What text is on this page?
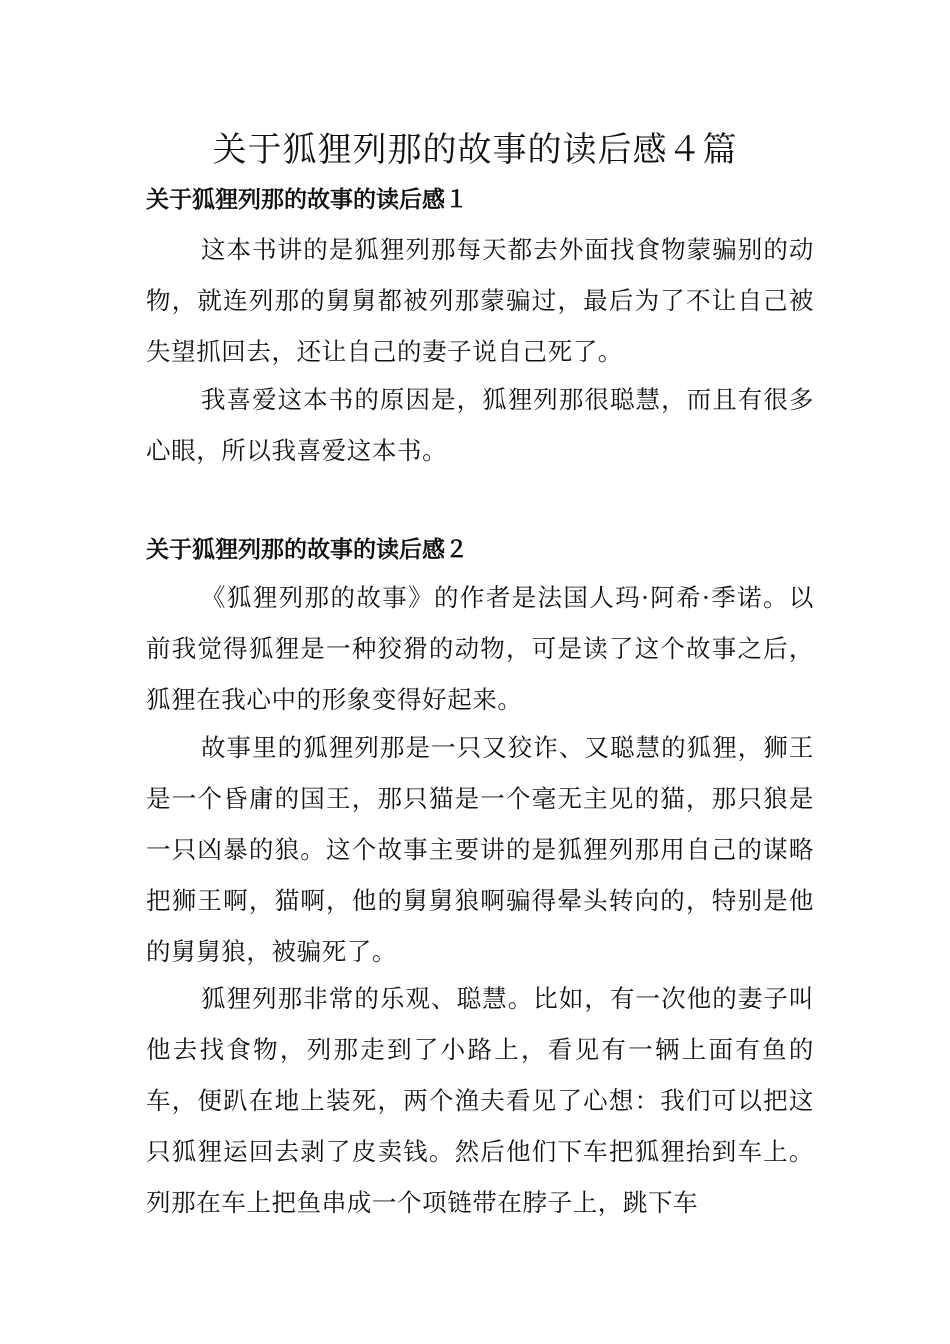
关于狐狸列那的故事的读后感４篇
关于狐狸列那的故事的读后感１

这本书讲的是狐狸列那每天都去外面找食物蒙骗别的动物，就连列那的舅舅都被列那蒙骗过，最后为了不让自己被失望抓回去，还让自己的妻子说自己死了。

我喜爱这本书的原因是，狐狸列那很聪慧，而且有很多心眼，所以我喜爱这本书。

关于狐狸列那的故事的读后感２

《狐狸列那的故事》的作者是法国人玛·阿希·季诺。以前我觉得狐狸是一种狡猾的动物，可是读了这个故事之后，狐狸在我心中的形象变得好起来。

故事里的狐狸列那是一只又狡诈、又聪慧的狐狸，狮王是一个昏庸的国王，那只猫是一个毫无主见的猫，那只狼是一只凶暴的狼。这个故事主要讲的是狐狸列那用自己的谋略把狮王啊，猫啊，他的舅舅狼啊骗得晕头转向的，特别是他的舅舅狼，被骗死了。

狐狸列那非常的乐观、聪慧。比如，有一次他的妻子叫他去找食物，列那走到了小路上，看见有一辆上面有鱼的车，便趴在地上装死，两个渔夫看见了心想：我们可以把这只狐狸运回去剥了皮卖钱。然后他们下车把狐狸抬到车上。列那在车上把鱼串成一个项链带在脖子上，跳下车
